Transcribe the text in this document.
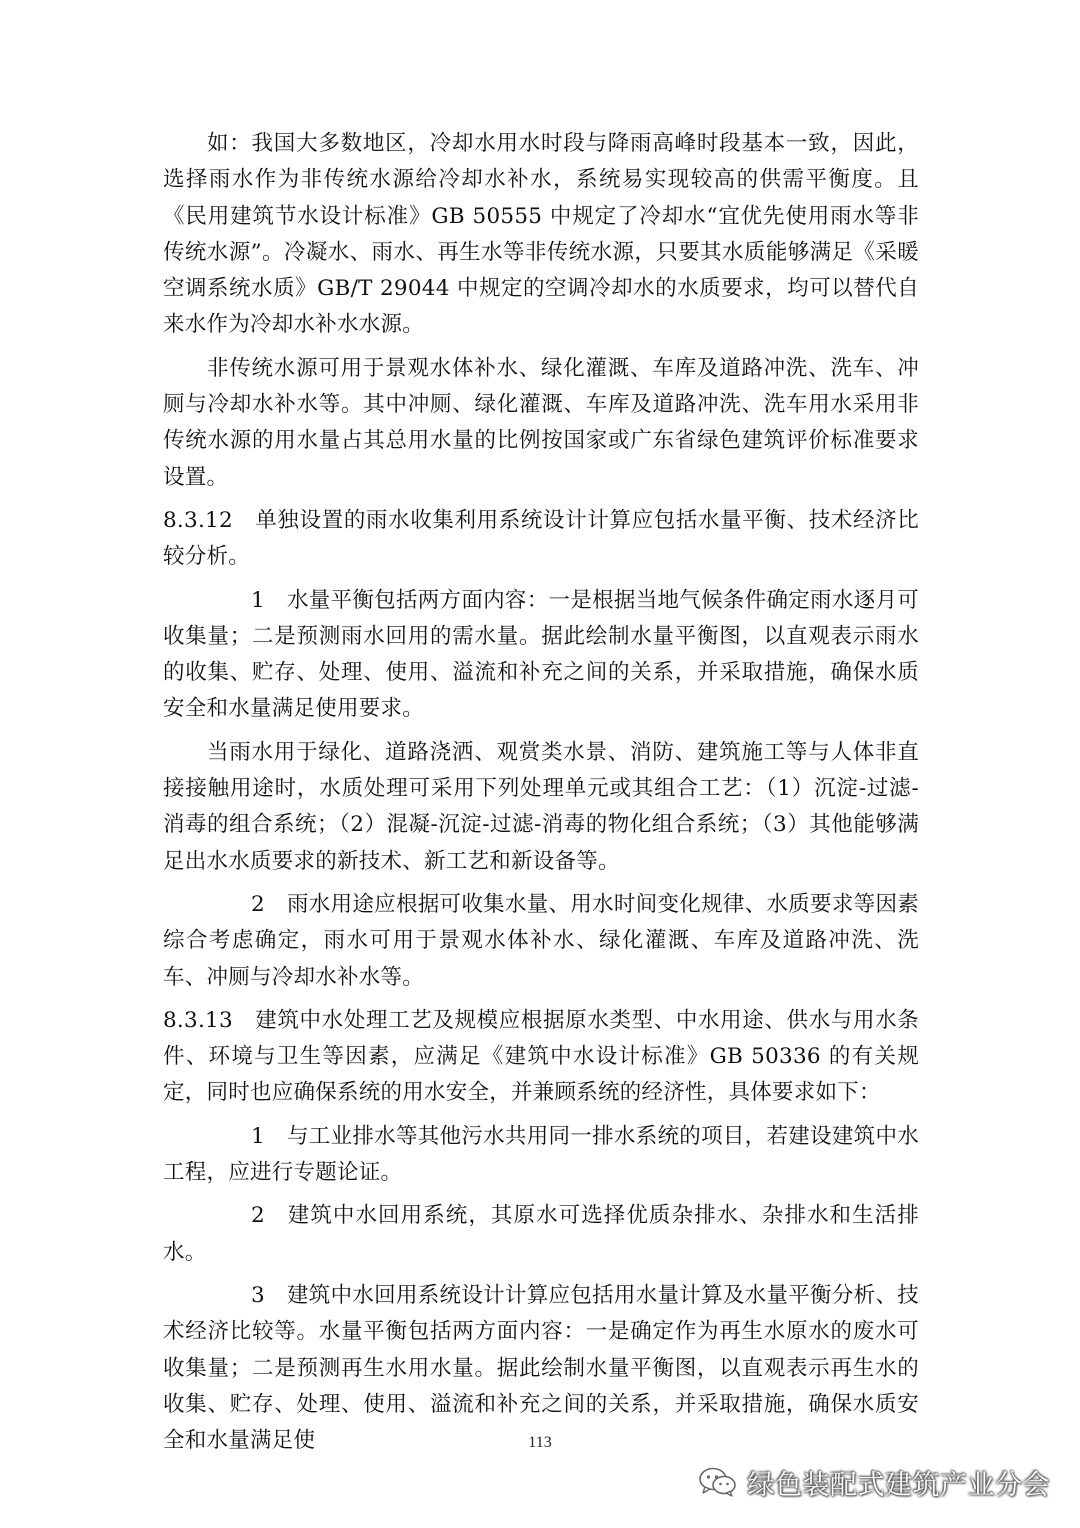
如：我国大多数地区，冷却水用水时段与降雨高峰时段基本一致，因此，选择雨水作为非传统水源给冷却水补水，系统易实现较高的供需平衡度。且《民用建筑节水设计标准》GB 50555 中规定了冷却水“宜优先使用雨水等非传统水源”。冷凝水、雨水、再生水等非传统水源，只要其水质能够满足《采暖空调系统水质》GB/T 29044 中规定的空调冷却水的水质要求，均可以替代自来水作为冷却水补水水源。

非传统水源可用于景观水体补水、绿化灌溉、车库及道路冲洗、洗车、冲厕与冷却水补水等。其中冲厕、绿化灌溉、车库及道路冲洗、洗车用水采用非传统水源的用水量占其总用水量的比例按国家或广东省绿色建筑评价标准要求设置。

8.3.12 单独设置的雨水收集利用系统设计计算应包括水量平衡、技术经济比较分析。

1 水量平衡包括两方面内容：一是根据当地气候条件确定雨水逐月可收集量；二是预测雨水回用的需水量。据此绘制水量平衡图，以直观表示雨水的收集、贮存、处理、使用、溢流和补充之间的关系，并采取措施，确保水质安全和水量满足使用要求。

当雨水用于绿化、道路浇洒、观赏类水景、消防、建筑施工等与人体非直接接触用途时，水质处理可采用下列处理单元或其组合工艺：（1）沉淀-过滤-消毒的组合系统；（2）混凝-沉淀-过滤-消毒的物化组合系统；（3）其他能够满足出水水质要求的新技术、新工艺和新设备等。

2 雨水用途应根据可收集水量、用水时间变化规律、水质要求等因素综合考虑确定，雨水可用于景观水体补水、绿化灌溉、车库及道路冲洗、洗车、冲厕与冷却水补水等。

8.3.13 建筑中水处理工艺及规模应根据原水类型、中水用途、供水与用水条件、环境与卫生等因素，应满足《建筑中水设计标准》GB 50336 的有关规定，同时也应确保系统的用水安全，并兼顾系统的经济性，具体要求如下：

1 与工业排水等其他污水共用同一排水系统的项目，若建设建筑中水工程，应进行专题论证。

2 建筑中水回用系统，其原水可选择优质杂排水、杂排水和生活排水。

3 建筑中水回用系统设计计算应包括用水量计算及水量平衡分析、技术经济比较等。水量平衡包括两方面内容：一是确定作为再生水原水的废水可收集量；二是预测再生水用水量。据此绘制水量平衡图，以直观表示再生水的收集、贮存、处理、使用、溢流和补充之间的关系，并采取措施，确保水质安全和水量满足使	113
绿色装配式建筑产业分会
